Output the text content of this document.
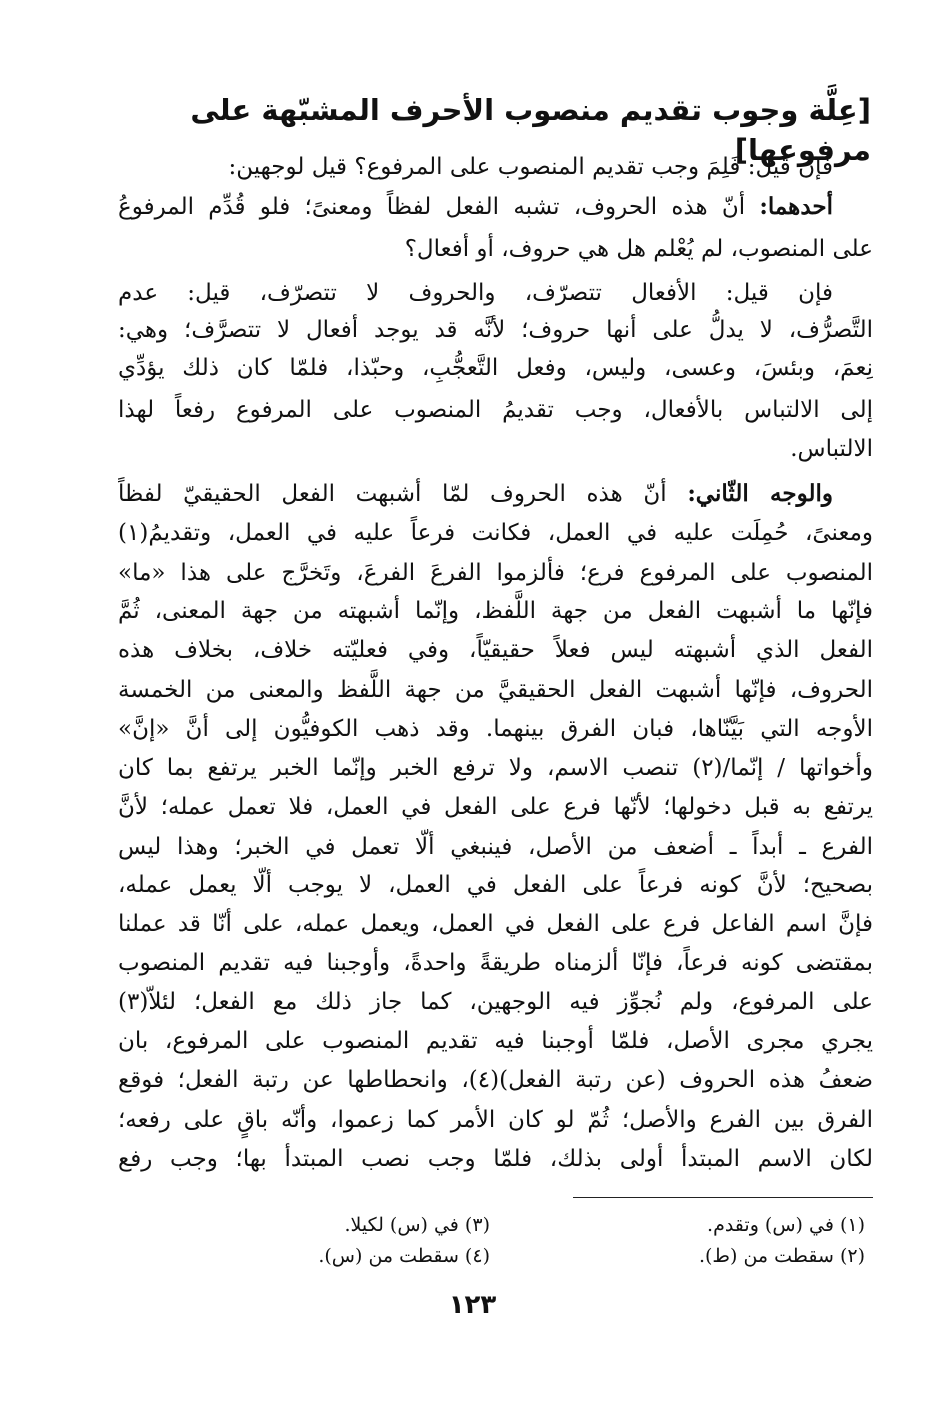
[عِلَّة وجوب تقديم منصوب الأحرف المشبّهة على مرفوعها]
فإن قيل: فَلِمَ وجب تقديم المنصوب على المرفوع؟ قيل لوجهين:
أحدهما: أنّ هذه الحروف، تشبه الفعل لفظاً ومعنىً؛ فلو قُدِّم المرفوعُ
على المنصوب، لم يُعْلم هل هي حروف، أو أفعال؟
فإن قيل: الأفعال تتصرّف، والحروف لا تتصرّف، قيل: عدم
التَّصرُّف، لا يدلُّ على أنها حروف؛ لأنَّه قد يوجد أفعال لا تتصرَّف؛ وهي:
نِعمَ، وبئسَ، وعسى، وليس، وفعل التَّعجُّبِ، وحبّذا، فلمّا كان ذلك يؤدِّي
إلى الالتباس بالأفعال، وجب تقديمُ المنصوب على المرفوع رفعاً لهذا
الالتباس.
والوجه الثّاني: أنّ هذه الحروف لمّا أشبهت الفعل الحقيقيّ لفظاً
ومعنىً، حُمِلَت عليه في العمل، فكانت فرعاً عليه في العمل، وتقديمُ(١)
المنصوب على المرفوع فرع؛ فألزموا الفرعَ الفرعَ، وتَخرَّج على هذا «ما»
فإنّها ما أشبهت الفعل من جهة اللَّفظ، وإنّما أشبهته من جهة المعنى، ثُمَّ
الفعل الذي أشبهته ليس فعلاً حقيقيّاً، وفي فعليّته خلاف، بخلاف هذه
الحروف، فإنّها أشبهت الفعل الحقيقيَّ من جهة اللَّفظ والمعنى من الخمسة
الأوجه التي بَيَّنّاها، فبان الفرق بينهما. وقد ذهب الكوفيُّون إلى أنَّ «إنَّ»
وأخواتها / إنّما/(٢) تنصب الاسم، ولا ترفع الخبر وإنّما الخبر يرتفع بما كان
يرتفع به قبل دخولها؛ لأنّها فرع على الفعل في العمل، فلا تعمل عمله؛ لأنَّ
الفرع ـ أبداً ـ أضعف من الأصل، فينبغي ألّا تعمل في الخبر؛ وهذا ليس
بصحيح؛ لأنَّ كونه فرعاً على الفعل في العمل، لا يوجب ألّا يعمل عمله،
فإنَّ اسم الفاعل فرع على الفعل في العمل، ويعمل عمله، على أنّا قد عملنا
بمقتضى كونه فرعاً، فإنّا ألزمناه طريقةً واحدةً، وأوجبنا فيه تقديم المنصوب
على المرفوع، ولم نُجوِّز فيه الوجهين، كما جاز ذلك مع الفعل؛ لئلاّ(٣)
يجري مجرى الأصل، فلمّا أوجبنا فيه تقديم المنصوب على المرفوع، بان
ضعفُ هذه الحروف (عن رتبة الفعل)(٤)، وانحطاطها عن رتبة الفعل؛ فوقع
الفرق بين الفرع والأصل؛ ثُمّ لو كان الأمر كما زعموا، وأنّه باقٍ على رفعه؛
لكان الاسم المبتدأ أولى بذلك، فلمّا وجب نصب المبتدأ بها؛ وجب رفع
(١) في (س) وتقدم.
(٢) سقطت من (ط).
(٣) في (س) لكيلا.
(٤) سقطت من (س).
١٢٣
